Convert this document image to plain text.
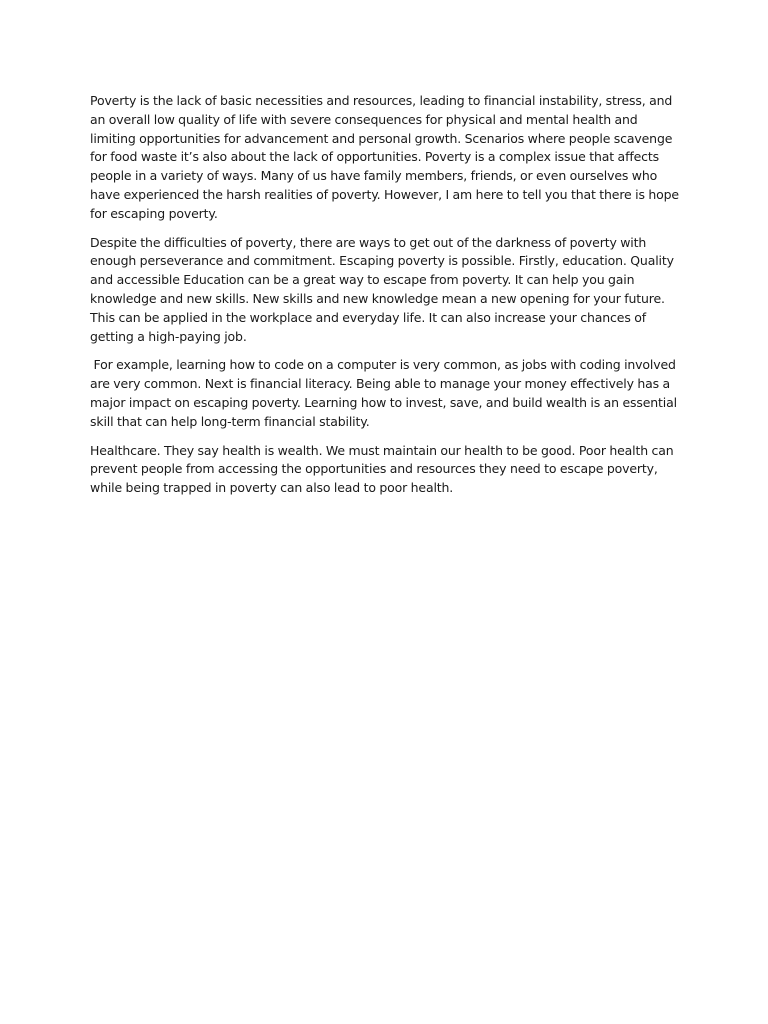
Poverty is the lack of basic necessities and resources, leading to financial instability, stress, and an overall low quality of life with severe consequences for physical and mental health and limiting opportunities for advancement and personal growth. Scenarios where people scavenge for food waste it’s also about the lack of opportunities. Poverty is a complex issue that affects people in a variety of ways. Many of us have family members, friends, or even ourselves who have experienced the harsh realities of poverty. However, I am here to tell you that there is hope for escaping poverty.

Despite the difficulties of poverty, there are ways to get out of the darkness of poverty with enough perseverance and commitment. Escaping poverty is possible. Firstly, education. Quality and accessible Education can be a great way to escape from poverty. It can help you gain knowledge and new skills. New skills and new knowledge mean a new opening for your future. This can be applied in the workplace and everyday life. It can also increase your chances of getting a high-paying job.

For example, learning how to code on a computer is very common, as jobs with coding involved are very common. Next is financial literacy. Being able to manage your money effectively has a major impact on escaping poverty. Learning how to invest, save, and build wealth is an essential skill that can help long-term financial stability.

Healthcare. They say health is wealth. We must maintain our health to be good. Poor health can prevent people from accessing the opportunities and resources they need to escape poverty, while being trapped in poverty can also lead to poor health.
